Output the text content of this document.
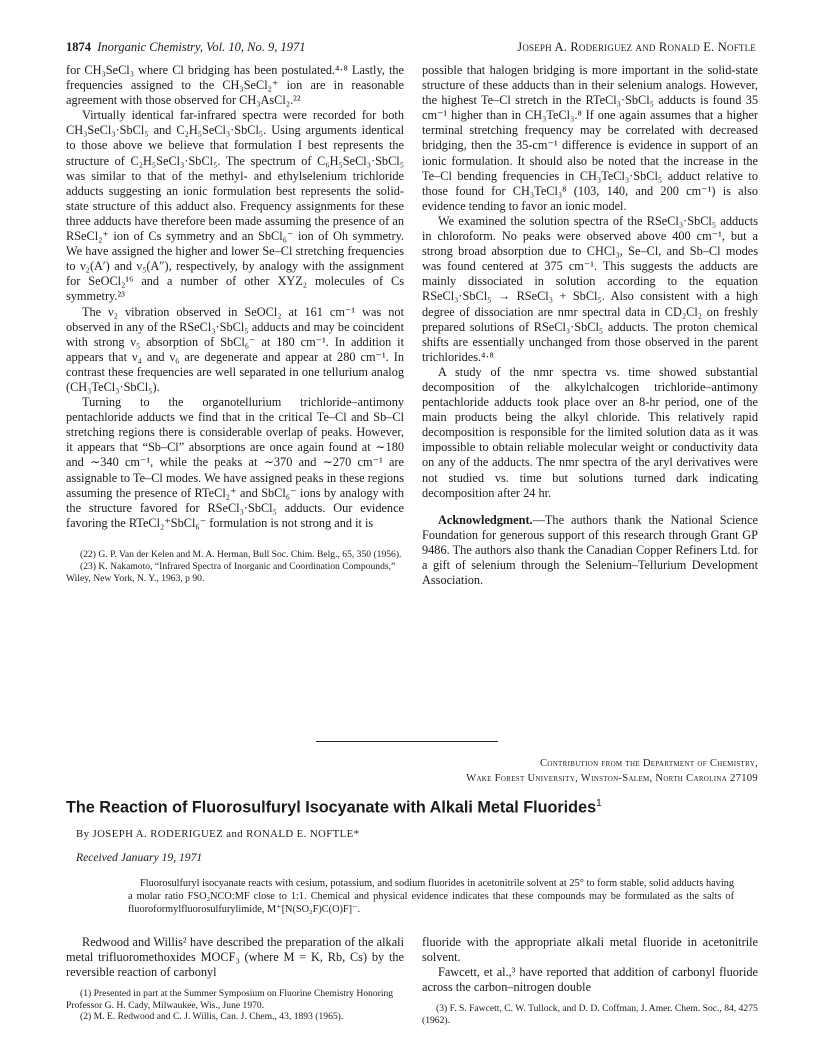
1874 Inorganic Chemistry, Vol. 10, No. 9, 1971	Joseph A. Roderiguez and Ronald E. Noftle

for CH₃SeCl₃ where Cl bridging has been postulated.⁴·⁸ Lastly, the frequencies assigned to the CH₃SeCl₂⁺ ion are in reasonable agreement with those observed for CH₃AsCl₂.²²

Virtually identical far-infrared spectra were recorded for both CH₃SeCl₃·SbCl₅ and C₂H₅SeCl₃·SbCl₅. Using arguments identical to those above we believe that formulation I best represents the structure of C₂H₅SeCl₃·SbCl₅. The spectrum of C₆H₅SeCl₃·SbCl₅ was similar to that of the methyl- and ethylselenium trichloride adducts suggesting an ionic formulation best represents the solid-state structure of this adduct also. Frequency assignments for these three adducts have therefore been made assuming the presence of an RSeCl₂⁺ ion of Cs symmetry and an SbCl₆⁻ ion of Oh symmetry. We have assigned the higher and lower Se–Cl stretching frequencies to ν₂(A′) and ν₅(A″), respectively, by analogy with the assignment for SeOCl₂¹⁶ and a number of other XYZ₂ molecules of Cs symmetry.²³

The ν₂ vibration observed in SeOCl₂ at 161 cm⁻¹ was not observed in any of the RSeCl₃·SbCl₅ adducts and may be coincident with strong ν₅ absorption of SbCl₆⁻ at 180 cm⁻¹. In addition it appears that ν₄ and ν₆ are degenerate and appear at 280 cm⁻¹. In contrast these frequencies are well separated in one tellurium analog (CH₃TeCl₃·SbCl₅).

Turning to the organotellurium trichloride–antimony pentachloride adducts we find that in the critical Te–Cl and Sb–Cl stretching regions there is considerable overlap of peaks. However, it appears that “Sb–Cl” absorptions are once again found at ∼180 and ∼340 cm⁻¹, while the peaks at ∼370 and ∼270 cm⁻¹ are assignable to Te–Cl modes. We have assigned peaks in these regions assuming the presence of RTeCl₂⁺ and SbCl₆⁻ ions by analogy with the structure favored for RSeCl₃·SbCl₅ adducts. Our evidence favoring the RTeCl₂⁺SbCl₆⁻ formulation is not strong and it is

(22) G. P. Van der Kelen and M. A. Herman, Bull Soc. Chim. Belg., 65, 350 (1956).

(23) K. Nakamoto, “Infrared Spectra of Inorganic and Coordination Compounds,” Wiley, New York, N. Y., 1963, p 90.

possible that halogen bridging is more important in the solid-state structure of these adducts than in their selenium analogs. However, the highest Te–Cl stretch in the RTeCl₃·SbCl₅ adducts is found 35 cm⁻¹ higher than in CH₃TeCl₃.⁸ If one again assumes that a higher terminal stretching frequency may be correlated with decreased bridging, then the 35-cm⁻¹ difference is evidence in support of an ionic formulation. It should also be noted that the increase in the Te–Cl bending frequencies in CH₃TeCl₃·SbCl₅ adduct relative to those found for CH₃TeCl₃⁸ (103, 140, and 200 cm⁻¹) is also evidence tending to favor an ionic model.

We examined the solution spectra of the RSeCl₃·SbCl₅ adducts in chloroform. No peaks were observed above 400 cm⁻¹, but a strong broad absorption due to CHCl₃, Se–Cl, and Sb–Cl modes was found centered at 375 cm⁻¹. This suggests the adducts are mainly dissociated in solution according to the equation RSeCl₃·SbCl₅ → RSeCl₃ + SbCl₅. Also consistent with a high degree of dissociation are nmr spectral data in CD₂Cl₂ on freshly prepared solutions of RSeCl₃·SbCl₅ adducts. The proton chemical shifts are essentially unchanged from those observed in the parent trichlorides.⁴·⁸

A study of the nmr spectra vs. time showed substantial decomposition of the alkylchalcogen trichloride–antimony pentachloride adducts took place over an 8-hr period, one of the main products being the alkyl chloride. This relatively rapid decomposition is responsible for the limited solution data as it was impossible to obtain reliable molecular weight or conductivity data on any of the adducts. The nmr spectra of the aryl derivatives were not studied vs. time but solutions turned dark indicating decomposition after 24 hr.

Acknowledgment.—The authors thank the National Science Foundation for generous support of this research through Grant GP 9486. The authors also thank the Canadian Copper Refiners Ltd. for a gift of selenium through the Selenium–Tellurium Development Association.

Contribution from the Department of Chemistry,
Wake Forest University, Winston-Salem, North Carolina 27109
The Reaction of Fluorosulfuryl Isocyanate with Alkali Metal Fluorides$^1$
By JOSEPH A. RODERIGUEZ and RONALD E. NOFTLE*
Received January 19, 1971

Fluorosulfuryl isocyanate reacts with cesium, potassium, and sodium fluorides in acetonitrile solvent at 25° to form stable, solid adducts having a molar ratio FSO₂NCO:MF close to 1:1. Chemical and physical evidence indicates that these compounds may be formulated as the salts of fluoroformylfluorosulfurylimide, M⁺[N(SO₂F)C(O)F]⁻.

Redwood and Willis² have described the preparation of the alkali metal trifluoromethoxides MOCF₃ (where M = K, Rb, Cs) by the reversible reaction of carbonyl

(1) Presented in part at the Summer Symposium on Fluorine Chemistry Honoring Professor G. H. Cady, Milwaukee, Wis., June 1970.

(2) M. E. Redwood and C. J. Willis, Can. J. Chem., 43, 1893 (1965).

fluoride with the appropriate alkali metal fluoride in acetonitrile solvent.

Fawcett, et al.,³ have reported that addition of carbonyl fluoride across the carbon–nitrogen double

(3) F. S. Fawcett, C. W. Tullock, and D. D. Coffman, J. Amer. Chem. Soc., 84, 4275 (1962).
